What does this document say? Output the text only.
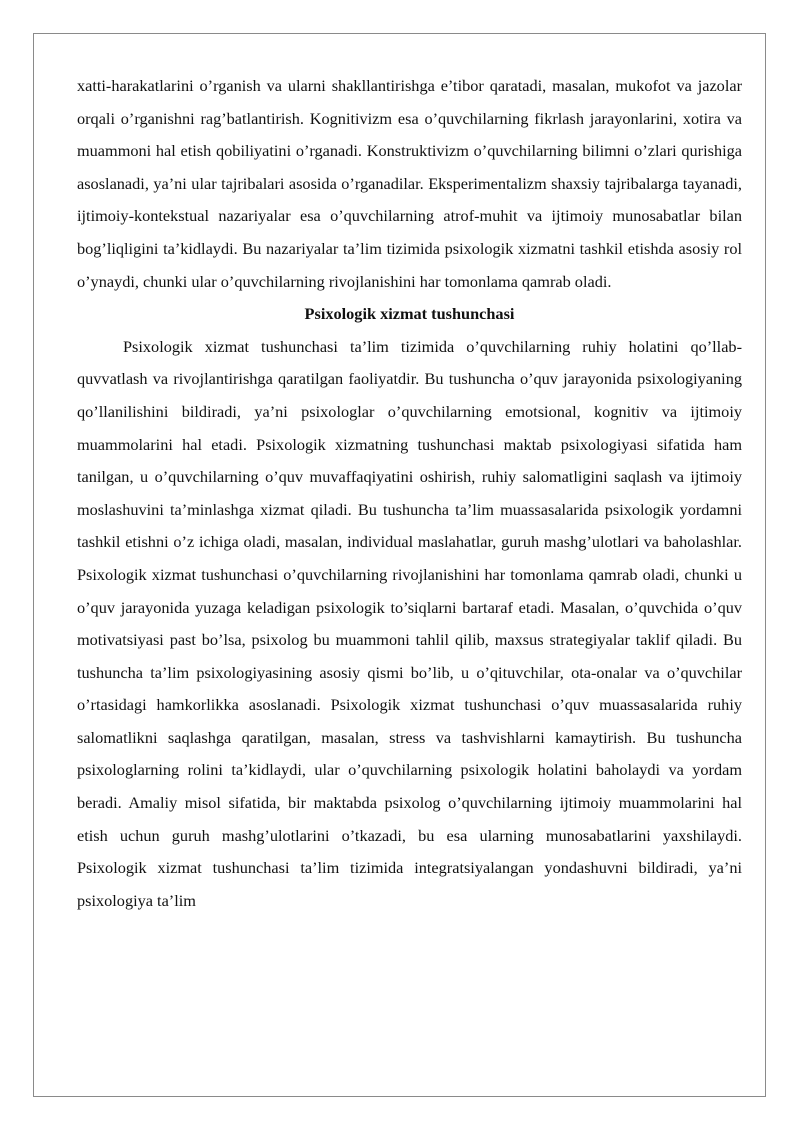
xatti-harakatlarini o’rganish va ularni shakllantirishga e’tibor qaratadi, masalan, mukofot va jazolar orqali o’rganishni rag’batlantirish. Kognitivizm esa o’quvchilarning fikrlash jarayonlarini, xotira va muammoni hal etish qobiliyatini o’rganadi. Konstruktivizm o’quvchilarning bilimni o’zlari qurishiga asoslanadi, ya’ni ular tajribalari asosida o’rganadilar. Eksperimentalizm shaxsiy tajribalarga tayanadi, ijtimoiy-kontekstual nazariyalar esa o’quvchilarning atrof-muhit va ijtimoiy munosabatlar bilan bog’liqligini ta’kidlaydi. Bu nazariyalar ta’lim tizimida psixologik xizmatni tashkil etishda asosiy rol o’ynaydi, chunki ular o’quvchilarning rivojlanishini har tomonlama qamrab oladi.

Psixologik xizmat tushunchasi

Psixologik xizmat tushunchasi ta’lim tizimida o’quvchilarning ruhiy holatini qo’llab-quvvatlash va rivojlantirishga qaratilgan faoliyatdir. Bu tushuncha o’quv jarayonida psixologiyaning qo’llanilishini bildiradi, ya’ni psixologlar o’quvchilarning emotsional, kognitiv va ijtimoiy muammolarini hal etadi. Psixologik xizmatning tushunchasi maktab psixologiyasi sifatida ham tanilgan, u o’quvchilarning o’quv muvaffaqiyatini oshirish, ruhiy salomatligini saqlash va ijtimoiy moslashuvini ta’minlashga xizmat qiladi. Bu tushuncha ta’lim muassasalarida psixologik yordamni tashkil etishni o’z ichiga oladi, masalan, individual maslahatlar, guruh mashg’ulotlari va baholashlar. Psixologik xizmat tushunchasi o’quvchilarning rivojlanishini har tomonlama qamrab oladi, chunki u o’quv jarayonida yuzaga keladigan psixologik to’siqlarni bartaraf etadi. Masalan, o’quvchida o’quv motivatsiyasi past bo’lsa, psixolog bu muammoni tahlil qilib, maxsus strategiyalar taklif qiladi. Bu tushuncha ta’lim psixologiyasining asosiy qismi bo’lib, u o’qituvchilar, ota-onalar va o’quvchilar o’rtasidagi hamkorlikka asoslanadi. Psixologik xizmat tushunchasi o’quv muassasalarida ruhiy salomatlikni saqlashga qaratilgan, masalan, stress va tashvishlarni kamaytirish. Bu tushuncha psixologlarning rolini ta’kidlaydi, ular o’quvchilarning psixologik holatini baholaydi va yordam beradi. Amaliy misol sifatida, bir maktabda psixolog o’quvchilarning ijtimoiy muammolarini hal etish uchun guruh mashg’ulotlarini o’tkazadi, bu esa ularning munosabatlarini yaxshilaydi. Psixologik xizmat tushunchasi ta’lim tizimida integratsiyalangan yondashuvni bildiradi, ya’ni psixologiya ta’lim
